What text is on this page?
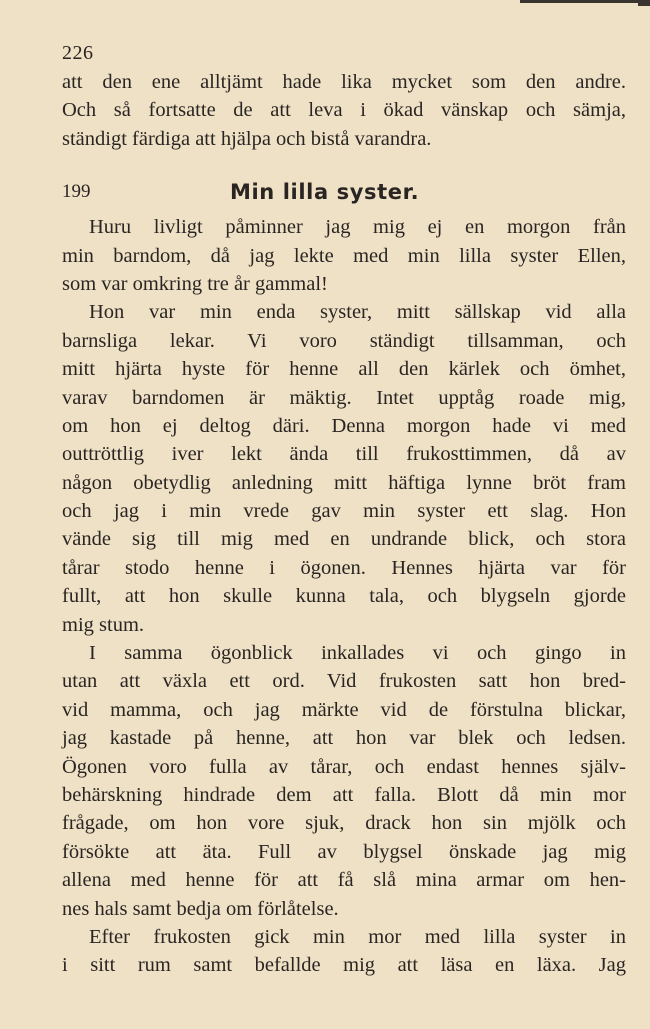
226
att den ene alltjämt hade lika mycket som den andre.
Och så fortsatte de att leva i ökad vänskap och sämja,
ständigt färdiga att hjälpa och bistå varandra.
199	Min lilla syster.
Huru livligt påminner jag mig ej en morgon från
min barndom, då jag lekte med min lilla syster Ellen,
som var omkring tre år gammal!
Hon var min enda syster, mitt sällskap vid alla
barnsliga lekar. Vi voro ständigt tillsamman, och
mitt hjärta hyste för henne all den kärlek och ömhet,
varav barndomen är mäktig. Intet upptåg roade mig,
om hon ej deltog däri. Denna morgon hade vi med
outtröttlig iver lekt ända till frukosttimmen, då av
någon obetydlig anledning mitt häftiga lynne bröt fram
och jag i min vrede gav min syster ett slag. Hon
vände sig till mig med en undrande blick, och stora
tårar stodo henne i ögonen. Hennes hjärta var för
fullt, att hon skulle kunna tala, och blygseln gjorde
mig stum.
I samma ögonblick inkallades vi och gingo in
utan att växla ett ord. Vid frukosten satt hon bred-
vid mamma, och jag märkte vid de förstulna blickar,
jag kastade på henne, att hon var blek och ledsen.
Ögonen voro fulla av tårar, och endast hennes själv-
behärskning hindrade dem att falla. Blott då min mor
frågade, om hon vore sjuk, drack hon sin mjölk och
försökte att äta. Full av blygsel önskade jag mig
allena med henne för att få slå mina armar om hen-
nes hals samt bedja om förlåtelse.
Efter frukosten gick min mor med lilla syster in
i sitt rum samt befallde mig att läsa en läxa. Jag
